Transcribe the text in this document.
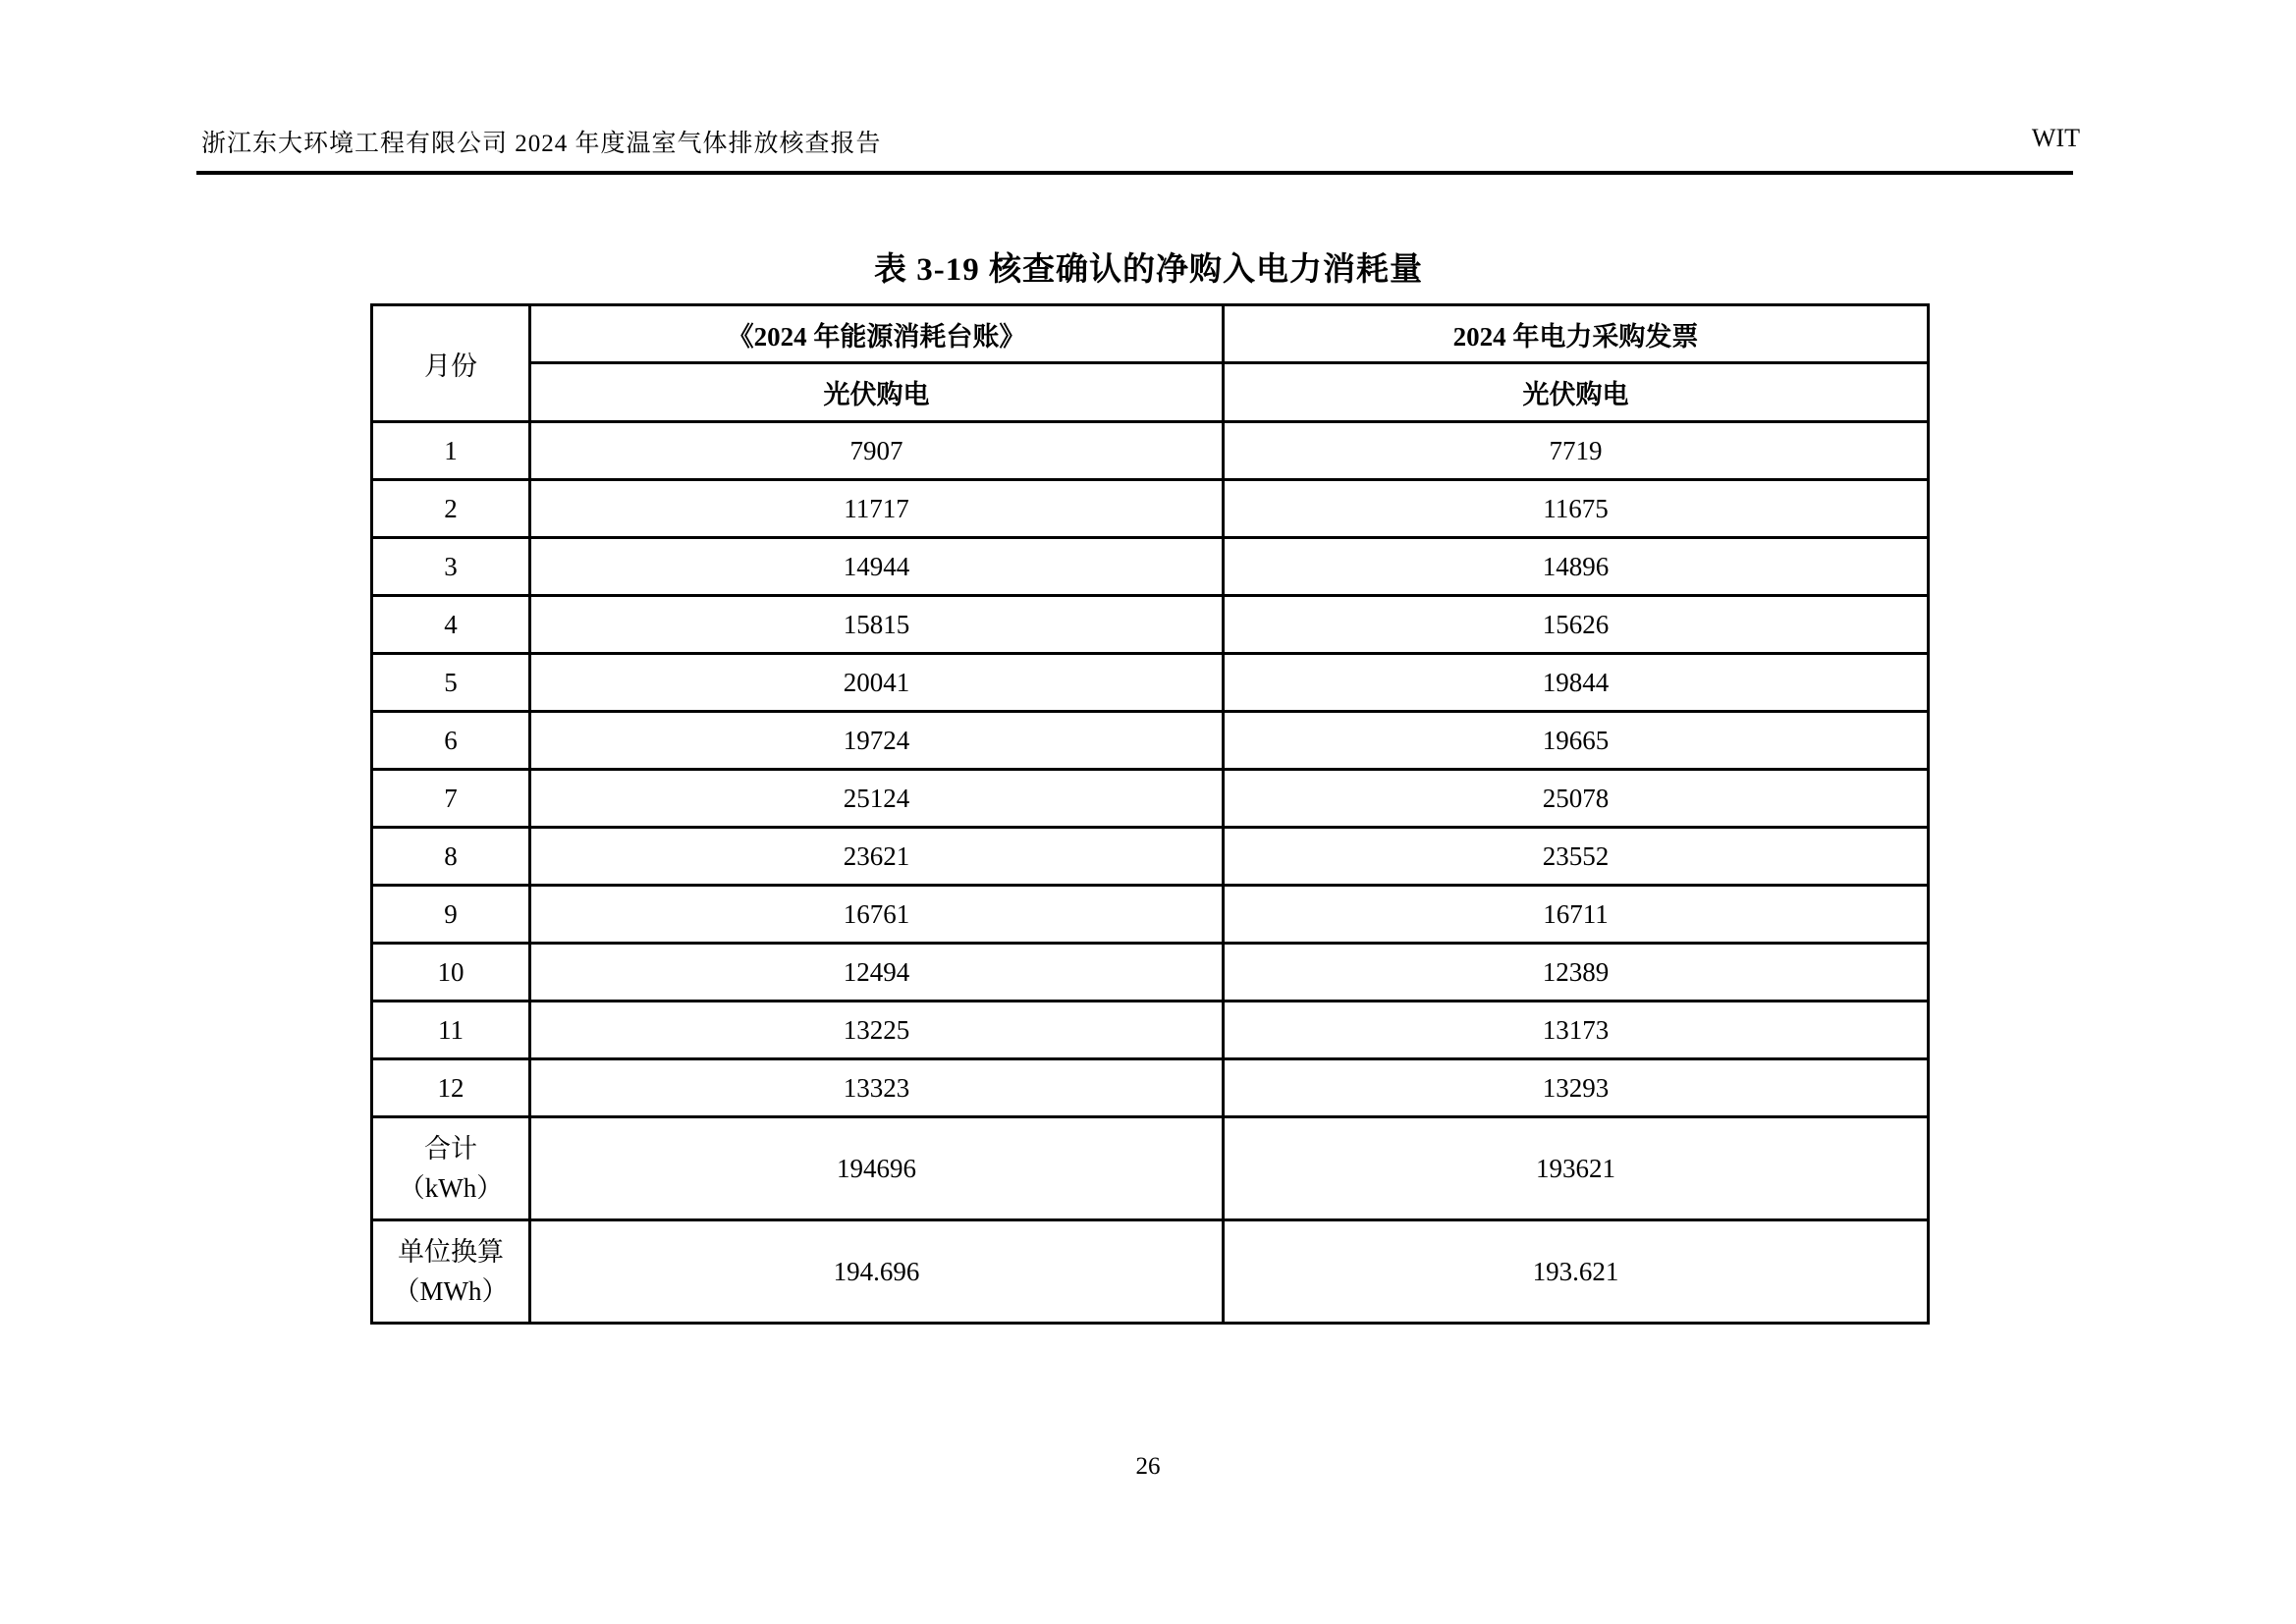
浙江东大环境工程有限公司 2024 年度温室气体排放核查报告	WIT
表 3-19 核查确认的净购入电力消耗量
月份	《2024 年能源消耗台账》	2024 年电力采购发票
	光伏购电	光伏购电
1	7907	7719
2	11717	11675
3	14944	14896
4	15815	15626
5	20041	19844
6	19724	19665
7	25124	25078
8	23621	23552
9	16761	16711
10	12494	12389
11	13225	13173
12	13323	13293

合计
（kWh）	194696	193621

单位换算
（MWh）	194.696	193.621
26
